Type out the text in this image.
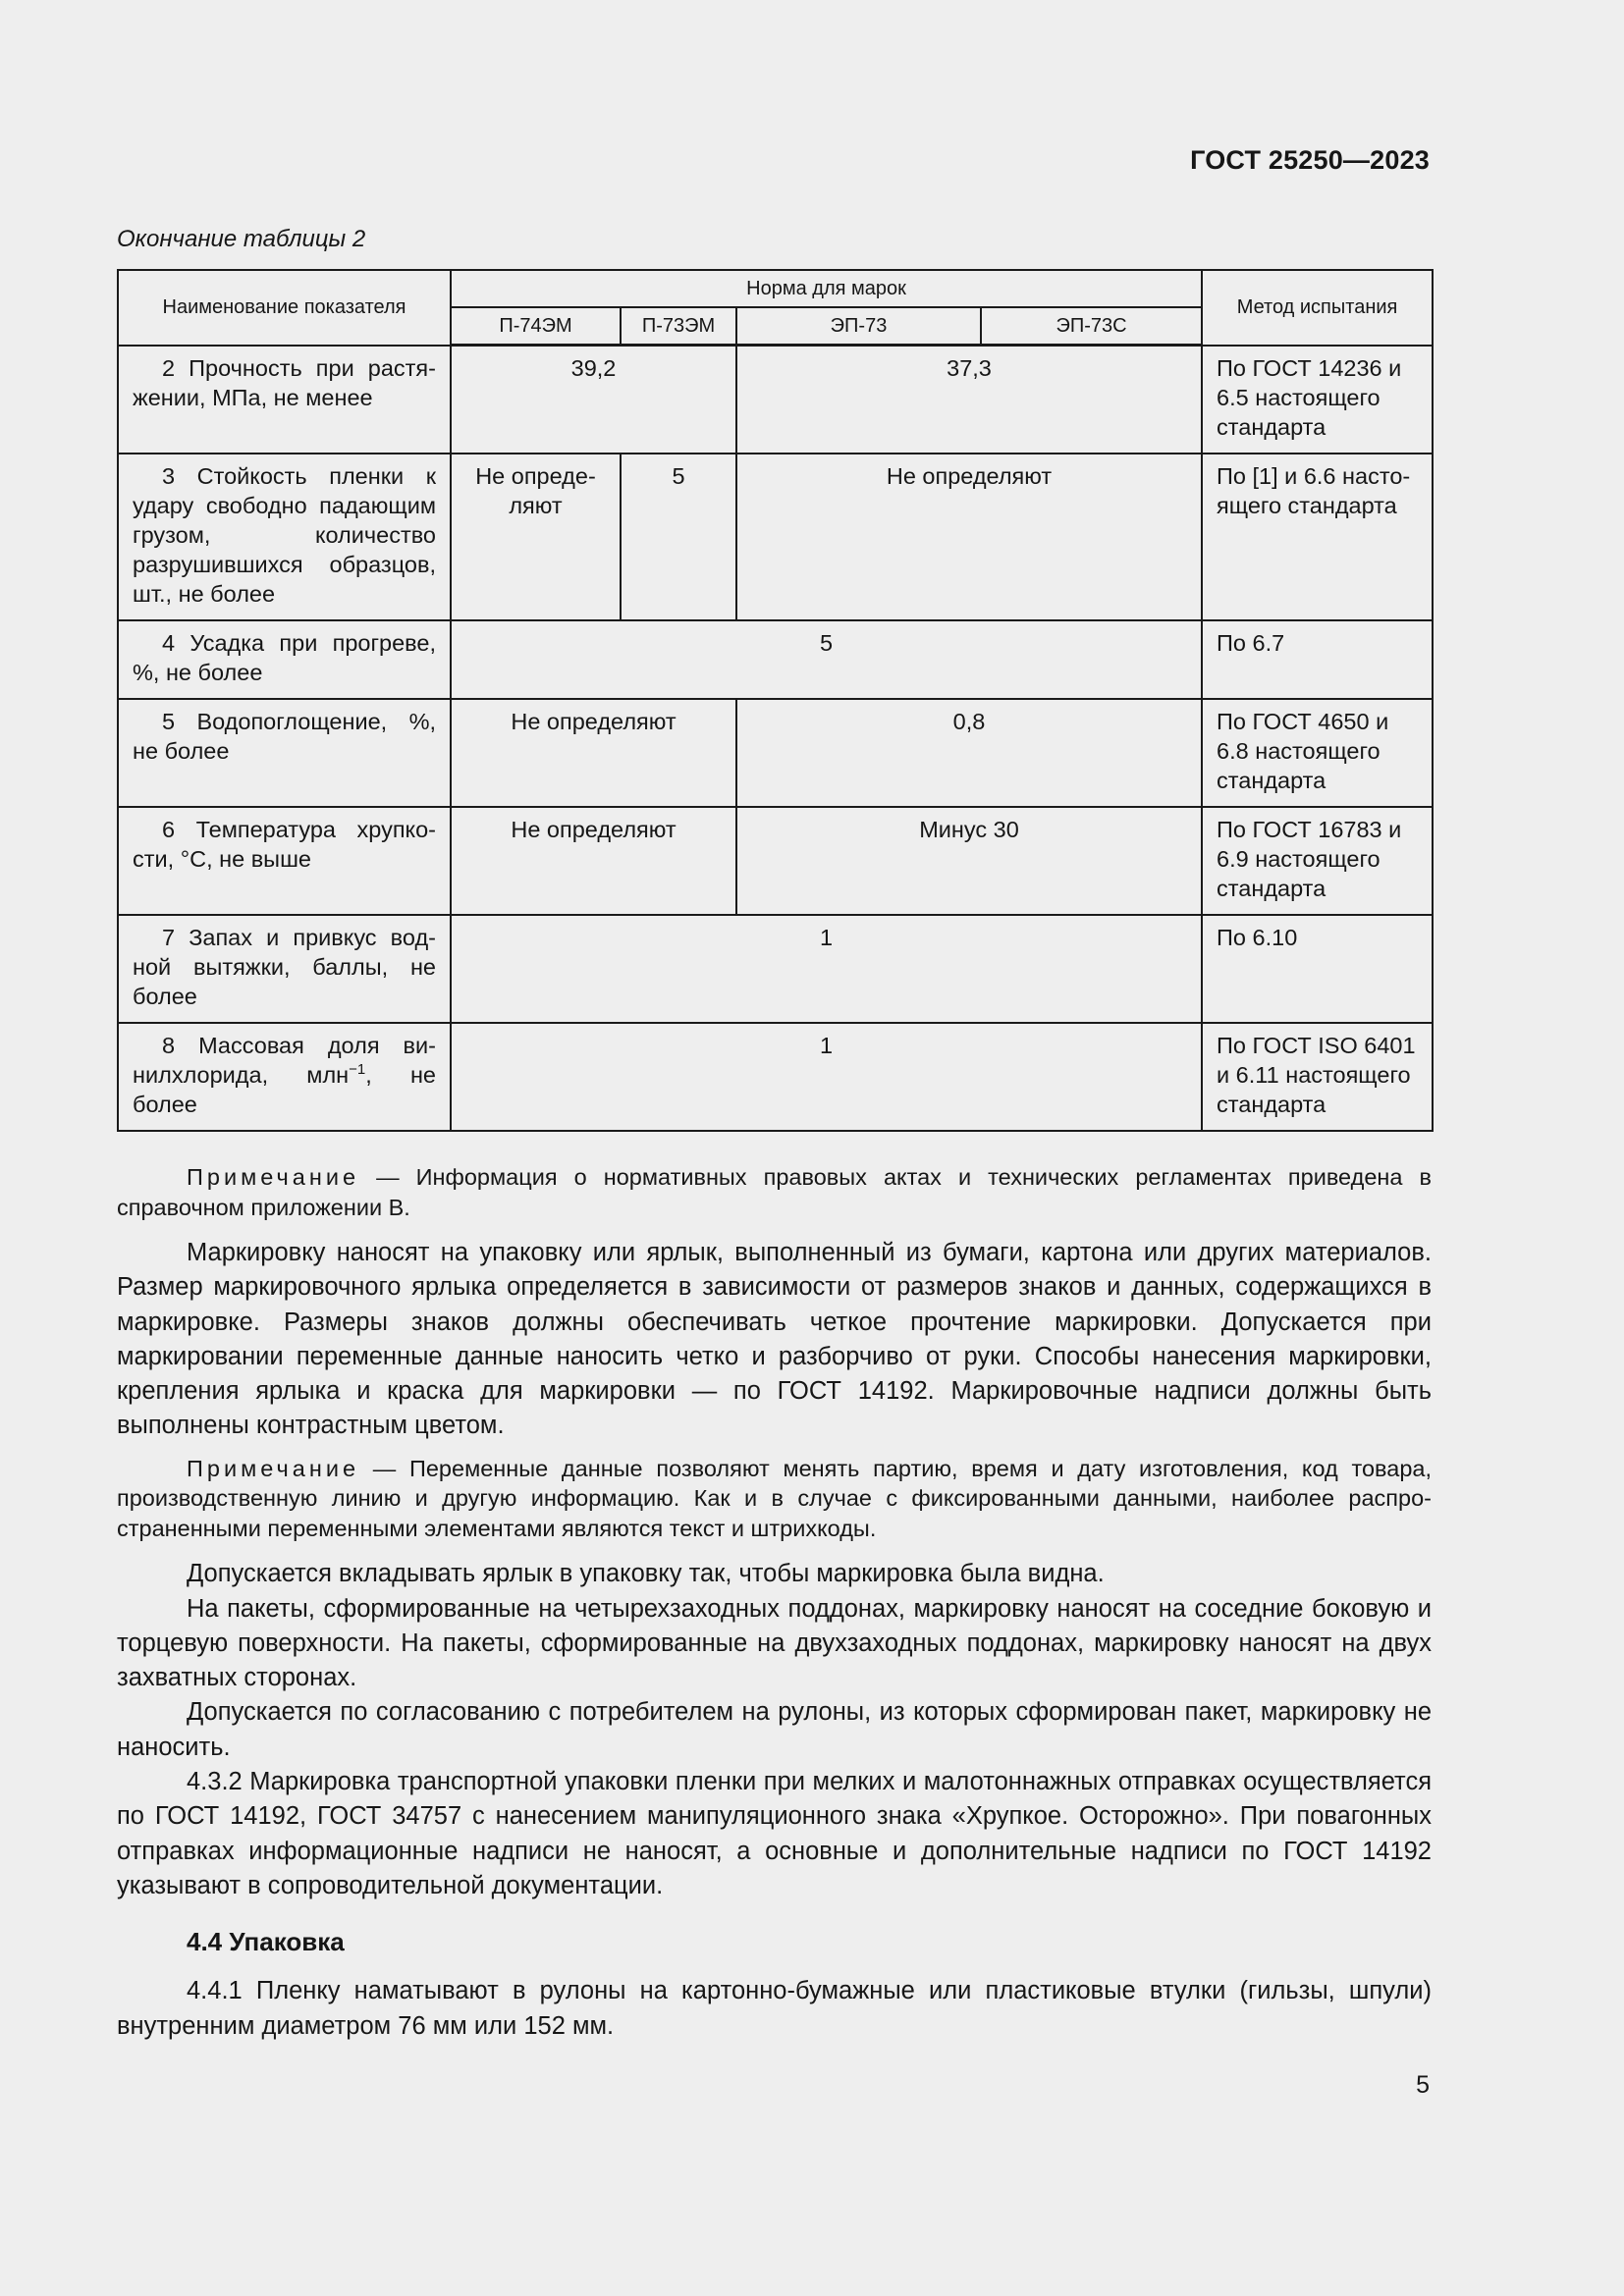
ГОСТ 25250—2023
Окончание таблицы 2
Наименование показателя	Норма для марок				Метод испытания
	П-74ЭМ	П-73ЭМ	ЭП-73	ЭП-73С	
2 Прочность при растяжении, МПа, не менее	39,2		37,3		По ГОСТ 14236 и 6.5 настоящего стандарта
3 Стойкость пленки к удару свободно падающим грузом, количество разрушившихся образцов, шт., не более	Не определяют	5	Не определяют		По [1] и 6.6 настоящего стандарта
4 Усадка при прогреве, %, не более	5				По 6.7
5 Водопоглощение, %, не более	Не определяют		0,8		По ГОСТ 4650 и 6.8 настоящего стандарта
6 Температура хрупкости, °С, не выше	Не определяют		Минус 30		По ГОСТ 16783 и 6.9 настоящего стандарта
7 Запах и привкус водной вытяжки, баллы, не более	1				По 6.10
8 Массовая доля винилхлорида, млн$^{-1}$, не более	1				По ГОСТ ISO 6401 и 6.11 настоящего стандарта

Примечание — Информация о нормативных правовых актах и технических регламентах приведена в справочном приложении В.

Маркировку наносят на упаковку или ярлык, выполненный из бумаги, картона или других материалов. Размер маркировочного ярлыка определяется в зависимости от размеров знаков и данных, содержащихся в маркировке. Размеры знаков должны обеспечивать четкое прочтение маркировки. Допускается при маркировании переменные данные наносить четко и разборчиво от руки. Способы нанесения маркировки, крепления ярлыка и краска для маркировки — по ГОСТ 14192. Маркировочные надписи должны быть выполнены контрастным цветом.

Примечание — Переменные данные позволяют менять партию, время и дату изготовления, код товара, производственную линию и другую информацию. Как и в случае с фиксированными данными, наиболее распространенными переменными элементами являются текст и штрихкоды.

Допускается вкладывать ярлык в упаковку так, чтобы маркировка была видна.

На пакеты, сформированные на четырехзаходных поддонах, маркировку наносят на соседние боковую и торцевую поверхности. На пакеты, сформированные на двухзаходных поддонах, маркировку наносят на двух захватных сторонах.

Допускается по согласованию с потребителем на рулоны, из которых сформирован пакет, маркировку не наносить.

4.3.2 Маркировка транспортной упаковки пленки при мелких и малотоннажных отправках осуществляется по ГОСТ 14192, ГОСТ 34757 с нанесением манипуляционного знака «Хрупкое. Осторожно». При повагонных отправках информационные надписи не наносят, а основные и дополнительные надписи по ГОСТ 14192 указывают в сопроводительной документации.

4.4 Упаковка

4.4.1 Пленку наматывают в рулоны на картонно-бумажные или пластиковые втулки (гильзы, шпули) внутренним диаметром 76 мм или 152 мм.

5
